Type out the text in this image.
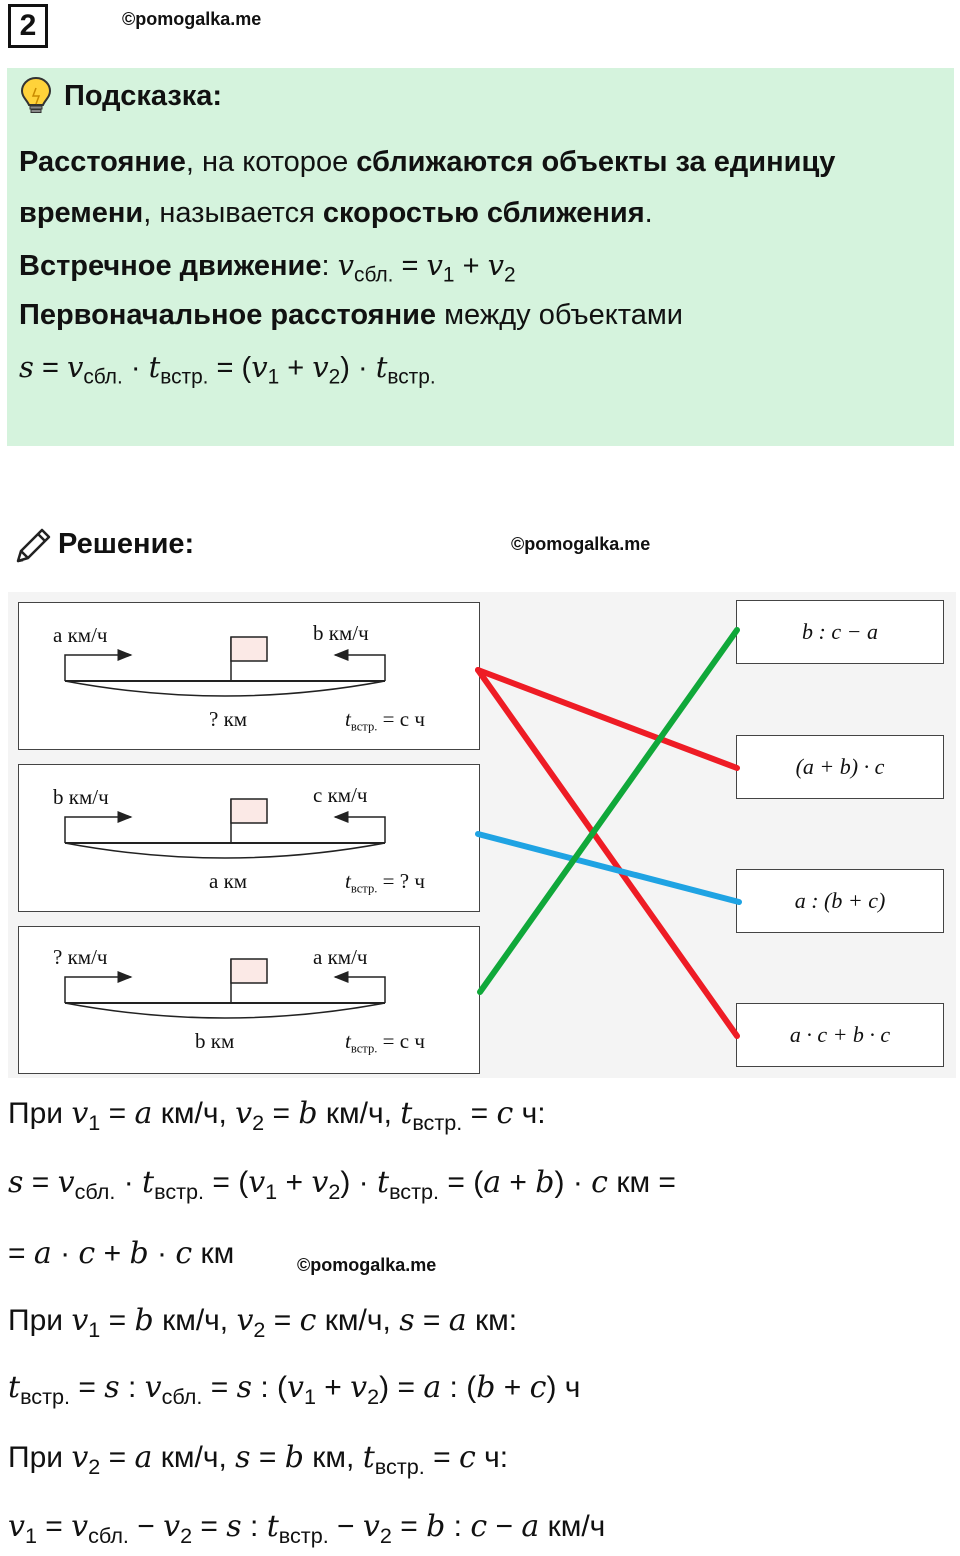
2	©pomogalka.me
Подсказка:
Расстояние, на которое сближаются объекты за единицу
времени, называется скоростью сближения.
Встречное движение: $v_{сбл.} = v_1 + v_2$
Первоначальное расстояние между объектами
$s = v_{сбл.} \cdot t_{встр.} = (v_1 + v_2) \cdot t_{встр.}$
Решение:	©pomogalka.me
a км/ч	b км/ч
? км	$t_{встр.} = c$ ч
b км/ч	c км/ч
a км	$t_{встр.}$ = ? ч
? км/ч	a км/ч
b км	$t_{встр.} = c$ ч
b : c − a
(a + b) · c
a : (b + c)
a · c + b · c
При $v_1 = a$ км/ч, $v_2 = b$ км/ч, $t_{встр.} = c$ ч:
$s = v_{сбл.} \cdot t_{встр.} = (v_1 + v_2) \cdot t_{встр.} = (a + b) \cdot c$ км =
= a · c + b · c км	©pomogalka.me
При $v_1 = b$ км/ч, $v_2 = c$ км/ч, s = a км:
$t_{встр.} = s$ : $v_{сбл.} = s$ : $(v_1 + v_2) = a$ : (b + c) ч
При $v_2 = a$ км/ч, s = b км, $t_{встр.} = c$ ч:
$v_1 = v_{сбл.} - v_2 = s$ : $t_{встр.} - v_2 = b$ : c − a км/ч
